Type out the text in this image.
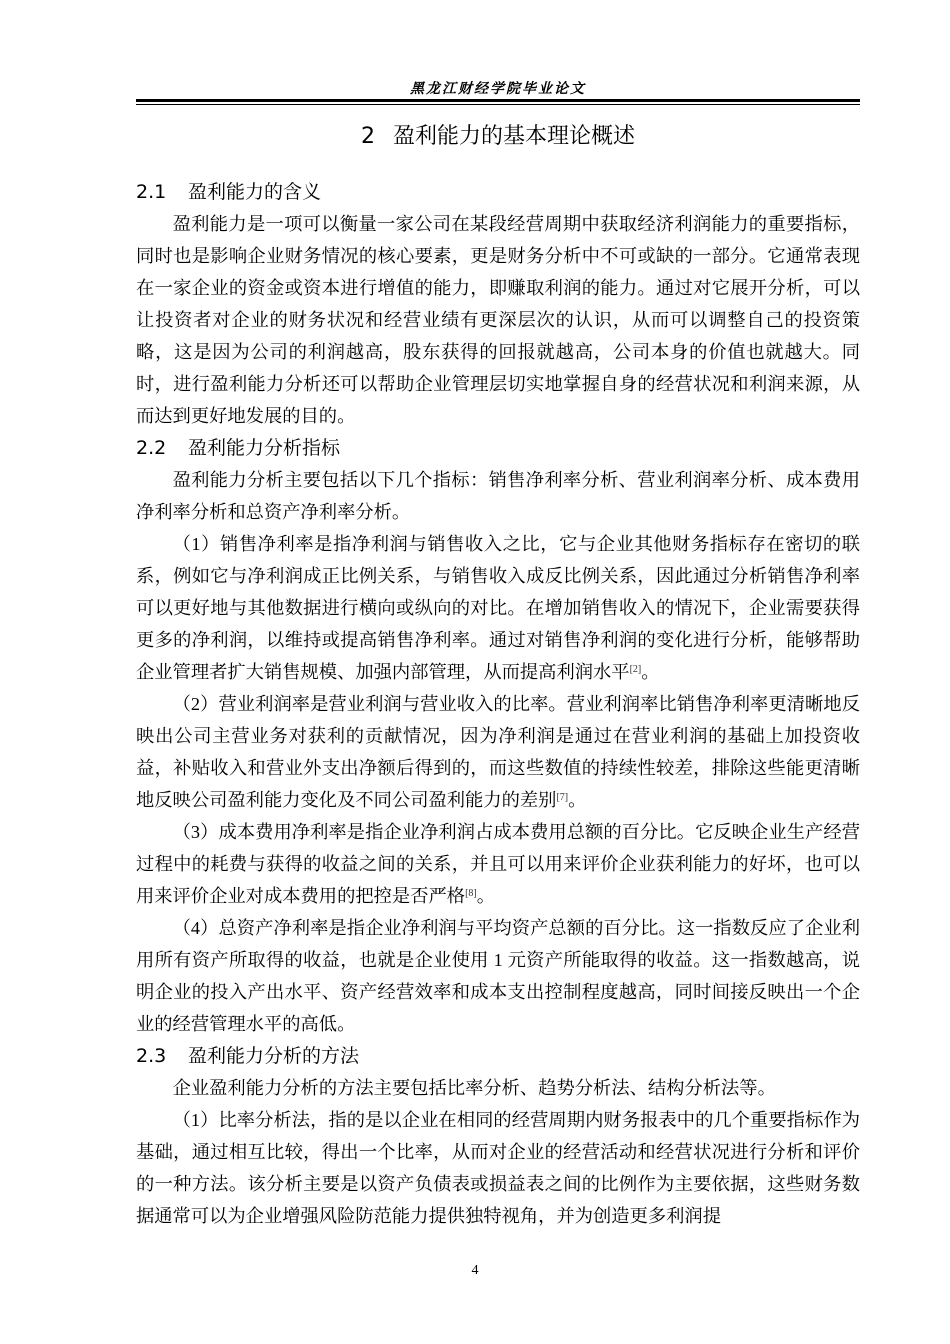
黑龙江财经学院毕业论文
2 盈利能力的基本理论概述
2.1 盈利能力的含义

盈利能力是一项可以衡量一家公司在某段经营周期中获取经济利润能力的重要指标，同时也是影响企业财务情况的核心要素，更是财务分析中不可或缺的一部分。它通常表现在一家企业的资金或资本进行增值的能力，即赚取利润的能力。通过对它展开分析，可以让投资者对企业的财务状况和经营业绩有更深层次的认识，从而可以调整自己的投资策略，这是因为公司的利润越高，股东获得的回报就越高，公司本身的价值也就越大。同时，进行盈利能力分析还可以帮助企业管理层切实地掌握自身的经营状况和利润来源，从而达到更好地发展的目的。

2.2 盈利能力分析指标

盈利能力分析主要包括以下几个指标：销售净利率分析、营业利润率分析、成本费用净利率分析和总资产净利率分析。

（1）销售净利率是指净利润与销售收入之比，它与企业其他财务指标存在密切的联系，例如它与净利润成正比例关系，与销售收入成反比例关系，因此通过分析销售净利率可以更好地与其他数据进行横向或纵向的对比。在增加销售收入的情况下，企业需要获得更多的净利润，以维持或提高销售净利率。通过对销售净利润的变化进行分析，能够帮助企业管理者扩大销售规模、加强内部管理，从而提高利润水平[2]。

（2）营业利润率是营业利润与营业收入的比率。营业利润率比销售净利率更清晰地反映出公司主营业务对获利的贡献情况，因为净利润是通过在营业利润的基础上加投资收益，补贴收入和营业外支出净额后得到的，而这些数值的持续性较差，排除这些能更清晰地反映公司盈利能力变化及不同公司盈利能力的差别[7]。

（3）成本费用净利率是指企业净利润占成本费用总额的百分比。它反映企业生产经营过程中的耗费与获得的收益之间的关系，并且可以用来评价企业获利能力的好坏，也可以用来评价企业对成本费用的把控是否严格[8]。

（4）总资产净利率是指企业净利润与平均资产总额的百分比。这一指数反应了企业利用所有资产所取得的收益，也就是企业使用 1 元资产所能取得的收益。这一指数越高，说明企业的投入产出水平、资产经营效率和成本支出控制程度越高，同时间接反映出一个企业的经营管理水平的高低。

2.3 盈利能力分析的方法

企业盈利能力分析的方法主要包括比率分析、趋势分析法、结构分析法等。

（1）比率分析法，指的是以企业在相同的经营周期内财务报表中的几个重要指标作为基础，通过相互比较，得出一个比率，从而对企业的经营活动和经营状况进行分析和评价的一种方法。该分析主要是以资产负债表或损益表之间的比例作为主要依据，这些财务数据通常可以为企业增强风险防范能力提供独特视角，并为创造更多利润提

4
